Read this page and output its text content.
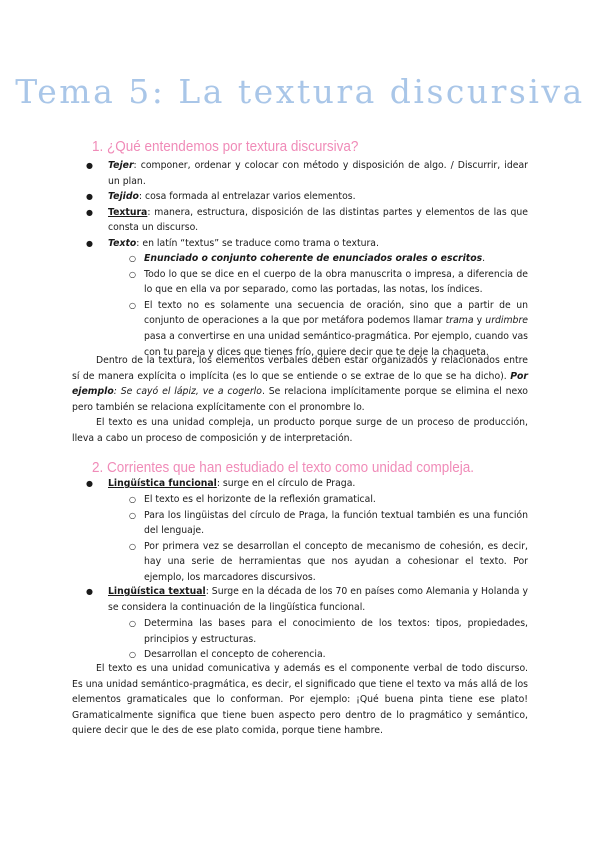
Tema 5: La textura discursiva
1. ¿Qué entendemos por textura discursiva?
● Tejer: componer, ordenar y colocar con método y disposición de algo. / Discurrir, idear un plan.

● Tejido: cosa formada al entrelazar varios elementos.

● Textura: manera, estructura, disposición de las distintas partes y elementos de las que consta un discurso.

● Texto: en latín “textus” se traduce como trama o textura.

○ Enunciado o conjunto coherente de enunciados orales o escritos.

○ Todo lo que se dice en el cuerpo de la obra manuscrita o impresa, a diferencia de lo que en ella va por separado, como las portadas, las notas, los índices.

○ El texto no es solamente una secuencia de oración, sino que a partir de un conjunto de operaciones a la que por metáfora podemos llamar trama y urdimbre pasa a convertirse en una unidad semántico-pragmática. Por ejemplo, cuando vas con tu pareja y dices que tienes frío, quiere decir que te deje la chaqueta.

Dentro de la textura, los elementos verbales deben estar organizados y relacionados entre sí de manera explícita o implícita (es lo que se entiende o se extrae de lo que se ha dicho). Por ejemplo: Se cayó el lápiz, ve a cogerlo. Se relaciona implícitamente porque se elimina el nexo pero también se relaciona explícitamente con el pronombre lo.

El texto es una unidad compleja, un producto porque surge de un proceso de producción, lleva a cabo un proceso de composición y de interpretación.

2. Corrientes que han estudiado el texto como unidad compleja.
● Lingüística funcional: surge en el círculo de Praga.

○ El texto es el horizonte de la reflexión gramatical.

○ Para los lingüistas del círculo de Praga, la función textual también es una función del lenguaje.

○ Por primera vez se desarrollan el concepto de mecanismo de cohesión, es decir, hay una serie de herramientas que nos ayudan a cohesionar el texto. Por ejemplo, los marcadores discursivos.

● Lingüística textual: Surge en la década de los 70 en países como Alemania y Holanda y se considera la continuación de la lingüística funcional.

○ Determina las bases para el conocimiento de los textos: tipos, propiedades, principios y estructuras.

○ Desarrollan el concepto de coherencia.

El texto es una unidad comunicativa y además es el componente verbal de todo discurso. Es una unidad semántico-pragmática, es decir, el significado que tiene el texto va más allá de los elementos gramaticales que lo conforman. Por ejemplo: ¡Qué buena pinta tiene ese plato! Gramaticalmente significa que tiene buen aspecto pero dentro de lo pragmático y semántico, quiere decir que le des de ese plato comida, porque tiene hambre.
